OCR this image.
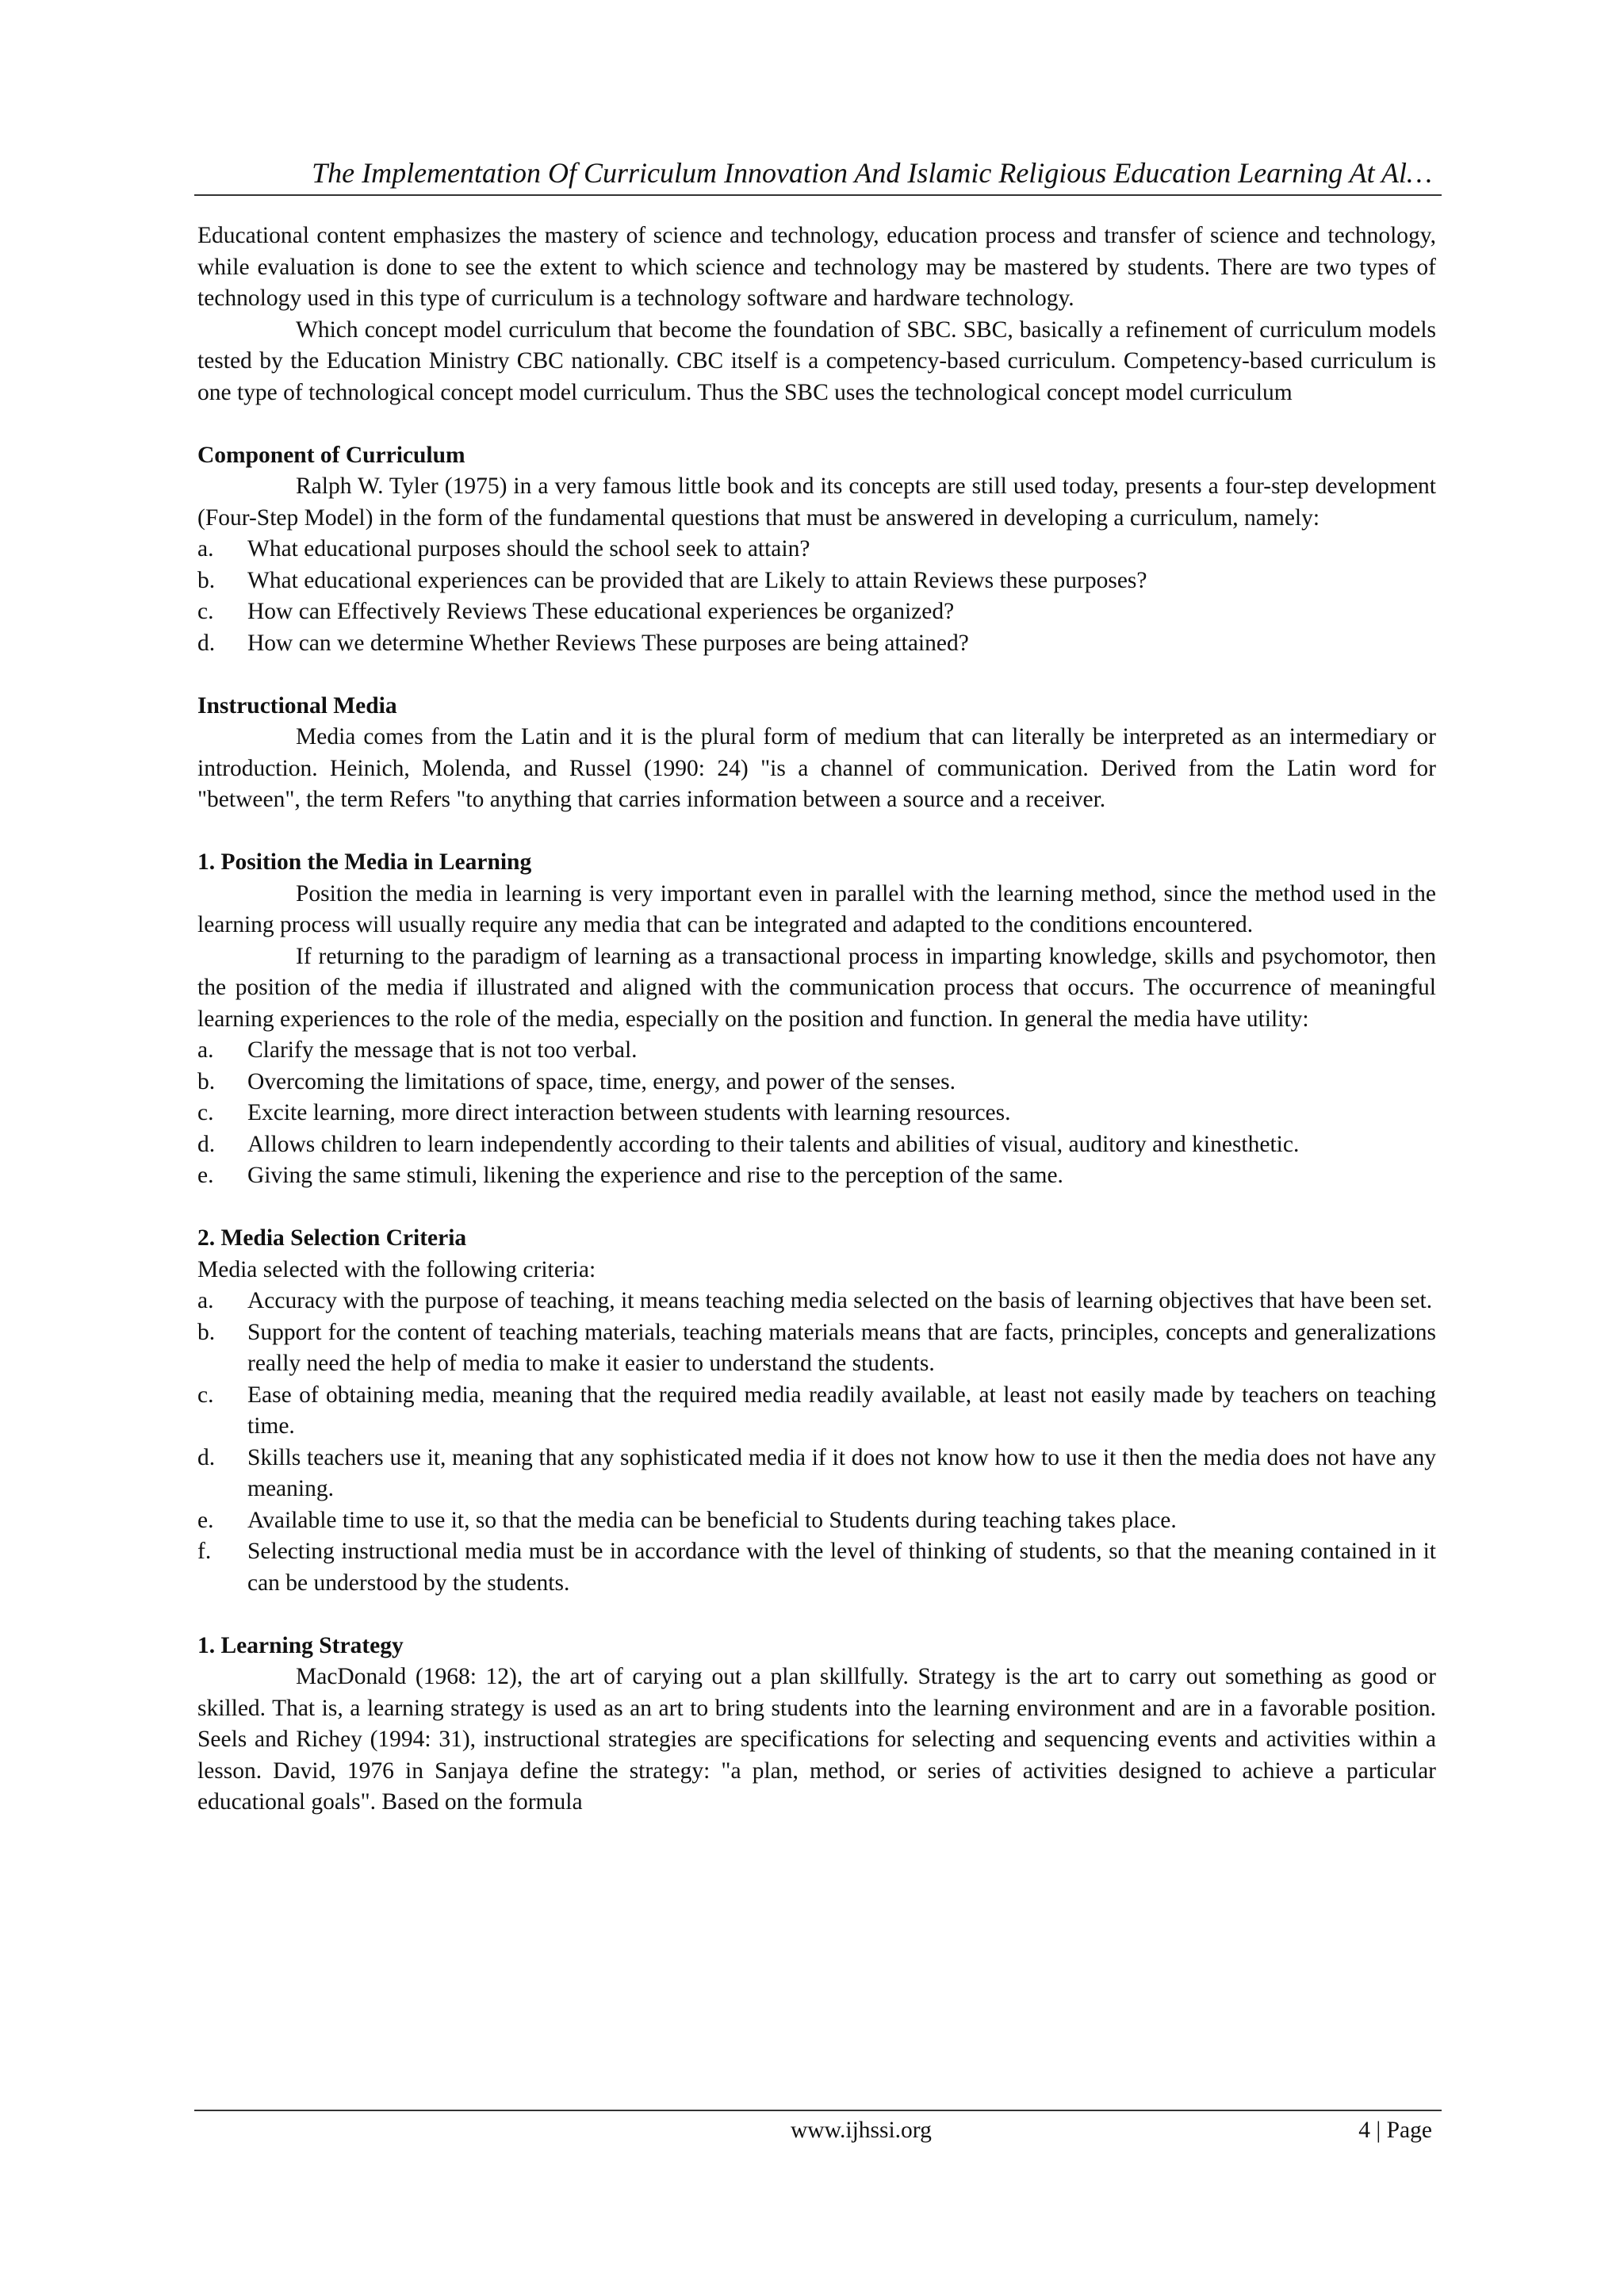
The Implementation Of Curriculum Innovation And Islamic Religious Education Learning At Al…

Educational content emphasizes the mastery of science and technology, education process and transfer of science and technology, while evaluation is done to see the extent to which science and technology may be mastered by students. There are two types of technology used in this type of curriculum is a technology software and hardware technology.

Which concept model curriculum that become the foundation of SBC. SBC, basically a refinement of curriculum models tested by the Education Ministry CBC nationally. CBC itself is a competency-based curriculum. Competency-based curriculum is one type of technological concept model curriculum. Thus the SBC uses the technological concept model curriculum

Component of Curriculum

Ralph W. Tyler (1975) in a very famous little book and its concepts are still used today, presents a four-step development (Four-Step Model) in the form of the fundamental questions that must be answered in developing a curriculum, namely:

a. What educational purposes should the school seek to attain?
b. What educational experiences can be provided that are Likely to attain Reviews these purposes?
c. How can Effectively Reviews These educational experiences be organized?
d. How can we determine Whether Reviews These purposes are being attained?
Instructional Media

Media comes from the Latin and it is the plural form of medium that can literally be interpreted as an intermediary or introduction. Heinich, Molenda, and Russel (1990: 24) "is a channel of communication. Derived from the Latin word for "between", the term Refers "to anything that carries information between a source and a receiver.

1. Position the Media in Learning

Position the media in learning is very important even in parallel with the learning method, since the method used in the learning process will usually require any media that can be integrated and adapted to the conditions encountered.

If returning to the paradigm of learning as a transactional process in imparting knowledge, skills and psychomotor, then the position of the media if illustrated and aligned with the communication process that occurs. The occurrence of meaningful learning experiences to the role of the media, especially on the position and function. In general the media have utility:

a. Clarify the message that is not too verbal.
b. Overcoming the limitations of space, time, energy, and power of the senses.
c. Excite learning, more direct interaction between students with learning resources.
d. Allows children to learn independently according to their talents and abilities of visual, auditory and kinesthetic.
e. Giving the same stimuli, likening the experience and rise to the perception of the same.
2. Media Selection Criteria

Media selected with the following criteria:

a. Accuracy with the purpose of teaching, it means teaching media selected on the basis of learning objectives that have been set.
b. Support for the content of teaching materials, teaching materials means that are facts, principles, concepts and generalizations really need the help of media to make it easier to understand the students.
c. Ease of obtaining media, meaning that the required media readily available, at least not easily made by teachers on teaching time.
d. Skills teachers use it, meaning that any sophisticated media if it does not know how to use it then the media does not have any meaning.
e. Available time to use it, so that the media can be beneficial to Students during teaching takes place.
f. Selecting instructional media must be in accordance with the level of thinking of students, so that the meaning contained in it can be understood by the students.
1. Learning Strategy

MacDonald (1968: 12), the art of carying out a plan skillfully. Strategy is the art to carry out something as good or skilled. That is, a learning strategy is used as an art to bring students into the learning environment and are in a favorable position. Seels and Richey (1994: 31), instructional strategies are specifications for selecting and sequencing events and activities within a lesson. David, 1976 in Sanjaya define the strategy: "a plan, method, or series of activities designed to achieve a particular educational goals". Based on the formula

www.ijhssi.org	4 | Page
